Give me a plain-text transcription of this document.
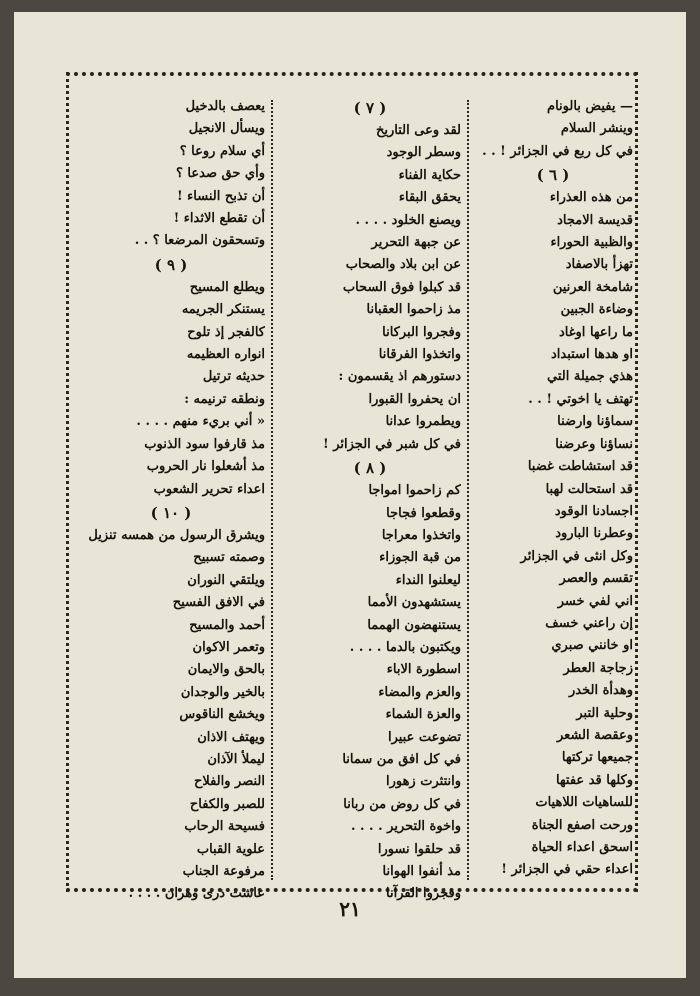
— يفيض بالونام
وينشر السلام
في كل ربع في الجزائر ! . .
( ٦ )
من هذه العذراء
قديسة الامجاد
والظبية الحوراء
تهزأ بالاصفاد
شامخة العرنين
وضاءة الجبين
ما راعها اوغاد
او هدها استبداد
هذي جميلة التي
تهتف يا اخوتي ! . .
سماؤنا وارضنا
نساؤنا وعرضنا
قد استشاطت غضبا
قد استحالت لهبا
اجسادنا الوقود
وعطرنا البارود
وكل انثى في الجزائر
تقسم والعصر
اني لفي خسر
إن راعني خسف
او خانني صبري
زجاجة العطر
وهدأة الخدر
وحلية التبر
وعقصة الشعر
جميعها تركتها
وكلها قد عفتها
للساهيات اللاهيات
ورحت اصفع الجناة
اسحق اعداء الحياة
اعداء حقي في الجزائر !
( ٧ )
لقد وعى التاريخ
وسطر الوجود
حكاية الفناء
يحقق البقاء
ويصنع الخلود . . . .
عن جبهة التحرير
عن ابن بلاد والصحاب
قد كبلوا فوق السحاب
مذ زاحموا العقبانا
وفجروا البركانا
واتخذوا الفرقانا
دستورهم اذ يقسمون :
ان يحفروا القبورا
ويطمروا عدانا
في كل شبر في الجزائر !
( ٨ )
كم زاحموا امواجا
وقطعوا فجاجا
واتخذوا معراجا
من قبة الجوزاء
ليعلنوا النداء
يستشهدون الأمما
يستنهضون الهمما
ويكتبون بالدما . . . .
اسطورة الاباء
والعزم والمضاء
والعزة الشماء
تضوعت عبيرا
في كل افق من سمانا
وانتثرت زهورا
في كل روض من ربانا
واخوة التحرير . . . .
قد حلقوا نسورا
مذ أنفوا الهوانا
وفجروا القرآنا
يعصف بالدخيل
ويسأل الانجيل
أي سلام روعا ؟
وأي حق صدعا ؟
أن تذبح النساء !
أن تقطع الاثداء !
وتسحقون المرضعا ؟ . .
( ٩ )
ويطلع المسيح
يستنكر الجريمه
كالفجر إذ تلوح
انواره العظيمه
حديثه ترتيل
ونطقه ترنيمه :
« أني بريء منهم . . . .
مذ قارفوا سود الذنوب
مذ أشعلوا نار الحروب
اعداء تحرير الشعوب
( ١٠ )
ويشرق الرسول من همسه تنزيل
وصمته تسبيح
ويلتقي النوران
في الافق الفسيح
أحمد والمسيح
وتعمر الاكوان
بالحق والايمان
بالخير والوجدان
ويخشع الناقوس
ويهتف الاذان
ليملأ الآذان
النصر والفلاح
للصبر والكفاح
فسيحة الرحاب
علوية القباب
مرفوعة الجناب
عاشت ذرى وهران . . . .
٢١
